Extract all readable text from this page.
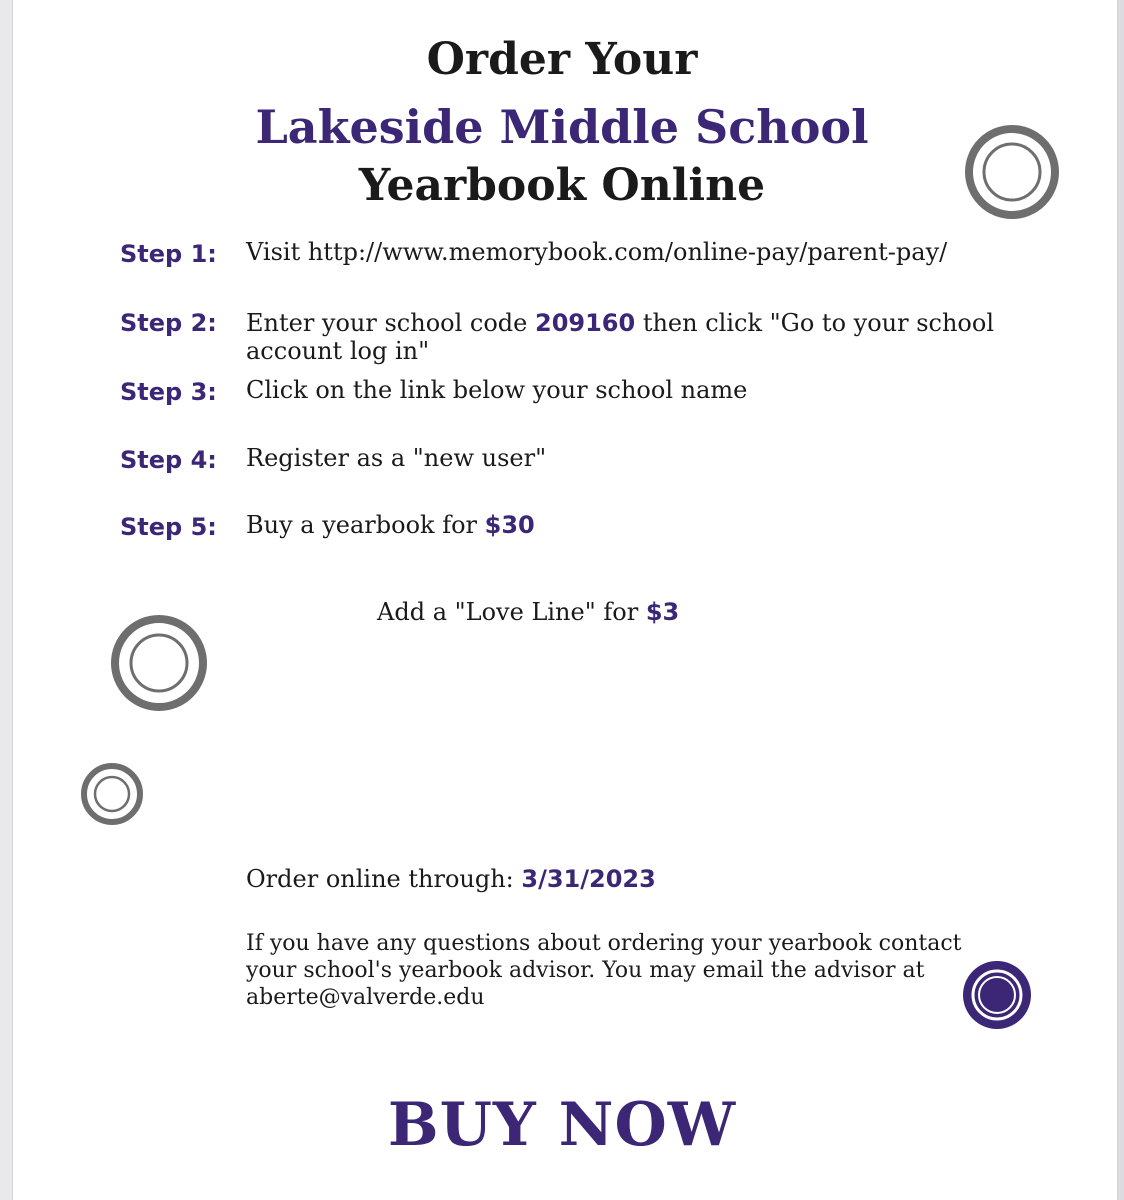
Order Your
Lakeside Middle School
Yearbook Online
Step 1: Visit http://www.memorybook.com/online-pay/parent-pay/
Step 2: Enter your school code 209160 then click "Go to your school account log in"
Step 3: Click on the link below your school name
Step 4: Register as a "new user"
Step 5: Buy a yearbook for $30
Add a "Love Line" for $3
Order online through: 3/31/2023
If you have any questions about ordering your yearbook contact your school's yearbook advisor. You may email the advisor at aberte@valverde.edu
BUY NOW
